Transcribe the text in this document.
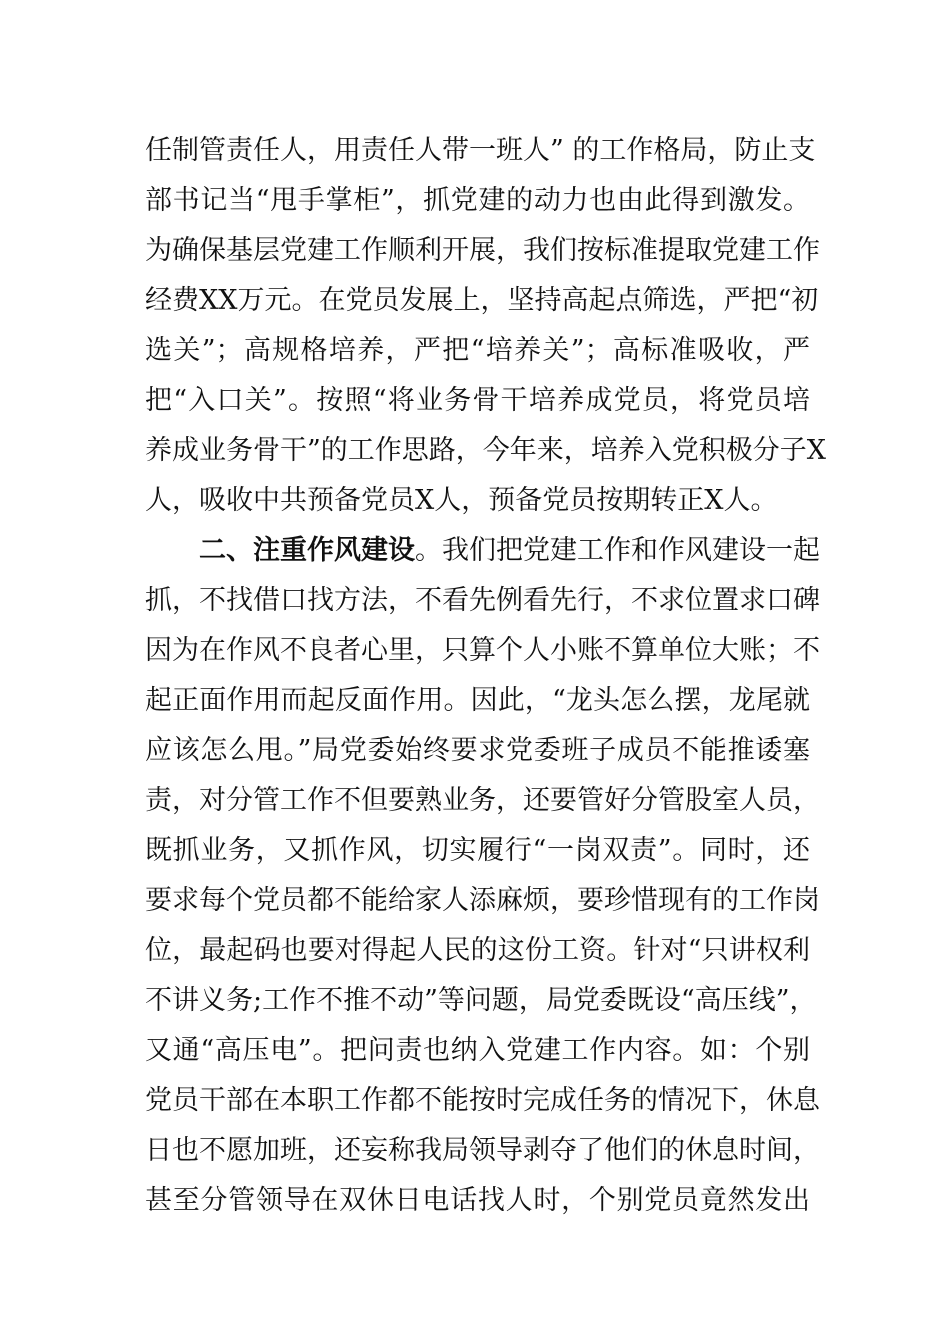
任制管责任人，用责任人带一班人” 的工作格局，防止支
部书记当“甩手掌柜”，抓党建的动力也由此得到激发。
为确保基层党建工作顺利开展，我们按标准提取党建工作
经费XX万元。在党员发展上，坚持高起点筛选，严把“初
选关”；高规格培养，严把“培养关”；高标准吸收，严
把“入口关”。按照“将业务骨干培养成党员，将党员培
养成业务骨干”的工作思路，今年来，培养入党积极分子X
人，吸收中共预备党员X人，预备党员按期转正X人。
二、注重作风建设。我们把党建工作和作风建设一起
抓，不找借口找方法，不看先例看先行，不求位置求口碑
因为在作风不良者心里，只算个人小账不算单位大账；不
起正面作用而起反面作用。因此，“龙头怎么摆，龙尾就
应该怎么甩。”局党委始终要求党委班子成员不能推诿塞
责，对分管工作不但要熟业务，还要管好分管股室人员，
既抓业务，又抓作风，切实履行“一岗双责”。同时，还
要求每个党员都不能给家人添麻烦，要珍惜现有的工作岗
位，最起码也要对得起人民的这份工资。针对“只讲权利
不讲义务;工作不推不动”等问题，局党委既设“高压线”，
又通“高压电”。把问责也纳入党建工作内容。如：个别
党员干部在本职工作都不能按时完成任务的情况下，休息
日也不愿加班，还妄称我局领导剥夺了他们的休息时间，
甚至分管领导在双休日电话找人时，个别党员竟然发出
